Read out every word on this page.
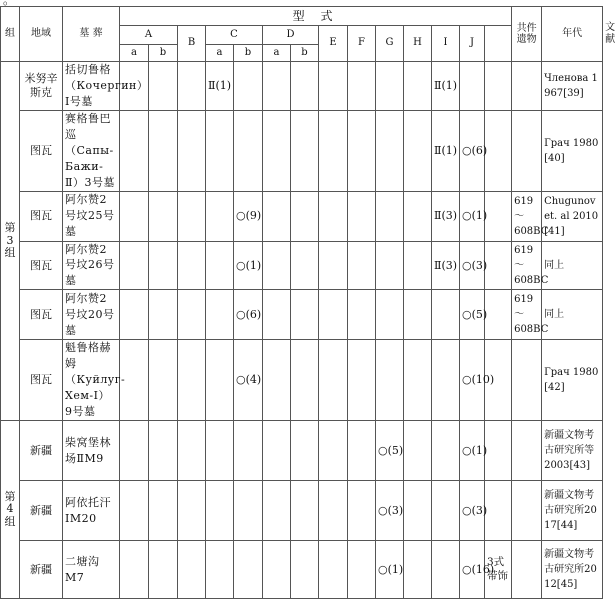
。
组	地域	墓 葬	型 式														共件遗物	年代	文献
			A		B	C		D		E	F	G	H	I	J				
			a	b		a	b	a	b										

第3组	米努辛斯克	括切鲁格（Кочергин）Ⅰ号墓				Ⅱ(1)								Ⅱ(1)				Членова 1967[39]	
	图瓦	赛格鲁巴巡（Сапы-Бажи-Ⅱ）3号墓												Ⅱ(1)	○(6)			Грач 1980[40]	
	图瓦	阿尔赞2号坟25号墓					○(9)							Ⅱ(3)	○(1)		619～608BC	Chugunov et. al 2010[41]	
	图瓦	阿尔赞2号坟26号墓					○(1)							Ⅱ(3)	○(3)		619～608BC	同上	
	图瓦	阿尔赞2号坟20号墓					○(6)								○(5)		619～608BC	同上	
	图瓦	魁鲁格赫姆（Куйлуг-Хем-Ⅰ）9号墓					○(4)								○(10)			Грач 1980[42]	

第4组	新疆	柴窝堡林场ⅡM9										○(5)			○(1)			新疆文物考古研究所等2003[43]	
	新疆	阿依托汗ⅠM20										○(3)			○(3)			新疆文物考古研究所2017[44]	
	新疆	二塘沟M7										○(1)			○(16)	3式带饰		新疆文物考古研究所2012[45]	
